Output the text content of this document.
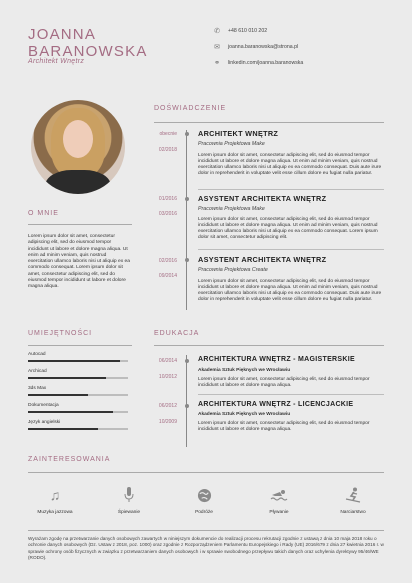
JOANNA
BARANOWSKA
Architekt Wnętrz
✆	+48 610 010 202
✉	joanna.baranowska@strona.pl
⚭	linkedin.com/joanna.baranowska
DOŚWIADCZENIE
obecnie
02/2018
ARCHITEKT WNĘTRZ
Pracownia Projektowa Make
Lorem ipsum dolor sit amet, consectetur adipiscing elit, sed do eiusmod tempor incididunt ut labore et dolore magna aliqua. Ut enim ad minim veniam, quis nostrud exercitation ullamco laboris nisi ut aliquip ex ea commodo consequat. Duis aute irure dolor in reprehenderit in voluptate velit esse cillum dolore eu fugiat nulla pariatur.
01/2016
03/2016
ASYSTENT ARCHITEKTA WNĘTRZ
Pracownia Projektowa Make
Lorem ipsum dolor sit amet, consectetur adipiscing elit, sed do eiusmod tempor incididunt ut labore et dolore magna aliqua. Ut enim ad minim veniam, quis nostrud exercitation ullamco laboris nisi ut aliquip ex ea commodo consequat. Lorem ipsum dolor sit amet, consectetur adipiscing elit.
02/2016
09/2014
ASYSTENT ARCHITEKTA WNĘTRZ
Pracownia Projektowa Create
Lorem ipsum dolor sit amet, consectetur adipiscing elit, sed do eiusmod tempor incididunt ut labore et dolore magna aliqua. Ut enim ad minim veniam, quis nostrud exercitation ullamco laboris nisi ut aliquip ex ea commodo consequat. Duis aute irure dolor in reprehenderit in voluptate velit esse cillum dolore eu fugiat nulla pariatur.
O MNIE
Lorem ipsum dolor sit amet, consectetur adipiscing elit, sed do eiusmod tempor incididunt ut labore et dolore magna aliqua. Ut enim ad minim veniam, quis nostrud exercitation ullamco laboris nisi ut aliquip ex ea commodo consequat. Lorem ipsum dolor sit amet, consectetur adipiscing elit, sed do eiusmod tempor incididunt ut labore et dolore magna aliqua.
UMIEJĘTNOŚCI
Autocad
Archicad
3ds Max
Dokumentacja
Język angielski
EDUKACJA
06/2014
10/2012
ARCHITEKTURA WNĘTRZ - MAGISTERSKIE
Akademia Sztuk Pięknych we Wrocławiu
Lorem ipsum dolor sit amet, consectetur adipiscing elit, sed do eiusmod tempor incididunt ut labore et dolore magna aliqua.
06/2012
10/2009
ARCHITEKTURA WNĘTRZ - LICENCJACKIE
Akademia Sztuk Pięknych we Wrocławiu
Lorem ipsum dolor sit amet, consectetur adipiscing elit, sed do eiusmod tempor incididunt ut labore et dolore magna aliqua.
ZAINTERESOWANIA
♫
Muzyka jazzowa	Śpiewanie	Podróże	Pływanie	Narciarstwo
Wyrażam zgodę na przetwarzanie danych osobowych zawartych w niniejszym dokumencie do realizacji procesu rekrutacji zgodnie z ustawą z dnia 10 maja 2018 roku o ochronie danych osobowych (Dz. Ustaw z 2018, poz. 1000) oraz zgodnie z Rozporządzeniem Parlamentu Europejskiego i Rady (UE) 2016/679 z dnia 27 kwietnia 2016 r. w sprawie ochrony osób fizycznych w związku z przetwarzaniem danych osobowych i w sprawie swobodnego przepływu takich danych oraz uchylenia dyrektywy 95/46/WE (RODO).
